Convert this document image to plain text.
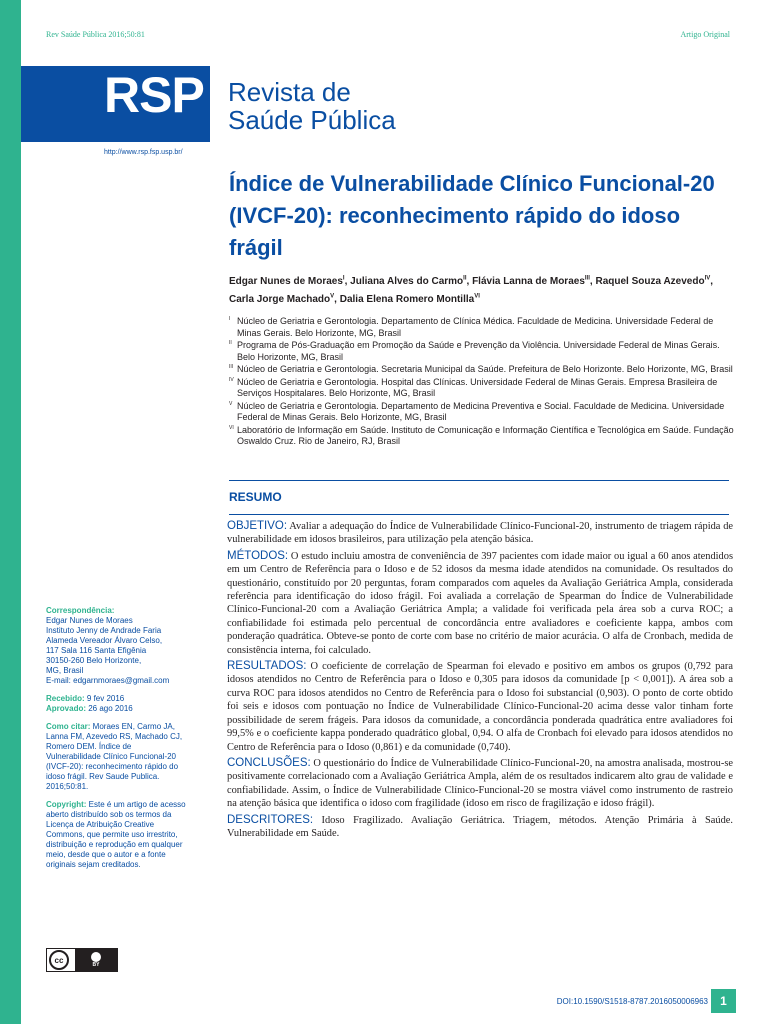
Rev Saúde Pública 2016;50:81	Artigo Original
RSP Revista de
Saúde Pública
http://www.rsp.fsp.usp.br/
Índice de Vulnerabilidade Clínico Funcional-20 (IVCF-20): reconhecimento rápido do idoso frágil
Edgar Nunes de Moraes$^I$, Juliana Alves do Carmo$^{II}$, Flávia Lanna de Moraes$^{III}$, Raquel Souza Azevedo$^{IV}$, Carla Jorge Machado$^V$, Dalia Elena Romero Montilla$^{VI}$
I Núcleo de Geriatria e Gerontologia. Departamento de Clínica Médica. Faculdade de Medicina. Universidade Federal de Minas Gerais. Belo Horizonte, MG, Brasil
II Programa de Pós-Graduação em Promoção da Saúde e Prevenção da Violência. Universidade Federal de Minas Gerais. Belo Horizonte, MG, Brasil
III Núcleo de Geriatria e Gerontologia. Secretaria Municipal da Saúde. Prefeitura de Belo Horizonte. Belo Horizonte, MG, Brasil
IV Núcleo de Geriatria e Gerontologia. Hospital das Clínicas. Universidade Federal de Minas Gerais. Empresa Brasileira de Serviços Hospitalares. Belo Horizonte, MG, Brasil
V Núcleo de Geriatria e Gerontologia. Departamento de Medicina Preventiva e Social. Faculdade de Medicina. Universidade Federal de Minas Gerais. Belo Horizonte, MG, Brasil
VI Laboratório de Informação em Saúde. Instituto de Comunicação e Informação Científica e Tecnológica em Saúde. Fundação Oswaldo Cruz. Rio de Janeiro, RJ, Brasil
RESUMO

OBJETIVO: Avaliar a adequação do Índice de Vulnerabilidade Clínico-Funcional-20, instrumento de triagem rápida de vulnerabilidade em idosos brasileiros, para utilização pela atenção básica.

MÉTODOS: O estudo incluiu amostra de conveniência de 397 pacientes com idade maior ou igual a 60 anos atendidos em um Centro de Referência para o Idoso e de 52 idosos da mesma idade atendidos na comunidade. Os resultados do questionário, constituído por 20 perguntas, foram comparados com aqueles da Avaliação Geriátrica Ampla, considerada referência para identificação do idoso frágil. Foi avaliada a correlação de Spearman do Índice de Vulnerabilidade Clínico-Funcional-20 com a Avaliação Geriátrica Ampla; a validade foi verificada pela área sob a curva ROC; a confiabilidade foi estimada pelo percentual de concordância entre avaliadores e coeficiente kappa, ambos com ponderação quadrática. Obteve-se ponto de corte com base no critério de maior acurácia. O alfa de Cronbach, medida de consistência interna, foi calculado.

RESULTADOS: O coeficiente de correlação de Spearman foi elevado e positivo em ambos os grupos (0,792 para idosos atendidos no Centro de Referência para o Idoso e 0,305 para idosos da comunidade [p < 0,001]). A área sob a curva ROC para idosos atendidos no Centro de Referência para o Idoso foi substancial (0,903). O ponto de corte obtido foi seis e idosos com pontuação no Índice de Vulnerabilidade Clínico-Funcional-20 acima desse valor tinham forte possibilidade de serem frágeis. Para idosos da comunidade, a concordância ponderada quadrática entre avaliadores foi 99,5% e o coeficiente kappa ponderado quadrático global, 0,94. O alfa de Cronbach foi elevado para idosos atendidos no Centro de Referência para o Idoso (0,861) e da comunidade (0,740).

CONCLUSÕES: O questionário do Índice de Vulnerabilidade Clínico-Funcional-20, na amostra analisada, mostrou-se positivamente correlacionado com a Avaliação Geriátrica Ampla, além de os resultados indicarem alto grau de validade e confiabilidade. Assim, o Índice de Vulnerabilidade Clínico-Funcional-20 se mostra viável como instrumento de rastreio na atenção básica que identifica o idoso com fragilidade (idoso em risco de fragilização e idoso frágil).

DESCRITORES: Idoso Fragilizado. Avaliação Geriátrica. Triagem, métodos. Atenção Primária à Saúde. Vulnerabilidade em Saúde.

Correspondência:
Edgar Nunes de Moraes
Instituto Jenny de Andrade Faria
Alameda Vereador Álvaro Celso,
117 Sala 116 Santa Efigênia
30150-260 Belo Horizonte,
MG, Brasil
E-mail: edgarnmoraes@gmail.com
Recebido: 9 fev 2016
Aprovado: 26 ago 2016
Como citar: Moraes EN, Carmo JA, Lanna FM, Azevedo RS, Machado CJ, Romero DEM. Índice de Vulnerabilidade Clínico Funcional-20 (IVCF-20): reconhecimento rápido do idoso frágil. Rev Saude Publica. 2016;50:81.
Copyright: Este é um artigo de acesso aberto distribuído sob os termos da Licença de Atribuição Creative Commons, que permite uso irrestrito, distribuição e reprodução em qualquer meio, desde que o autor e a fonte originais sejam creditados.
cc
BY
DOI:10.1590/S1518-8787.2016050006963	1
